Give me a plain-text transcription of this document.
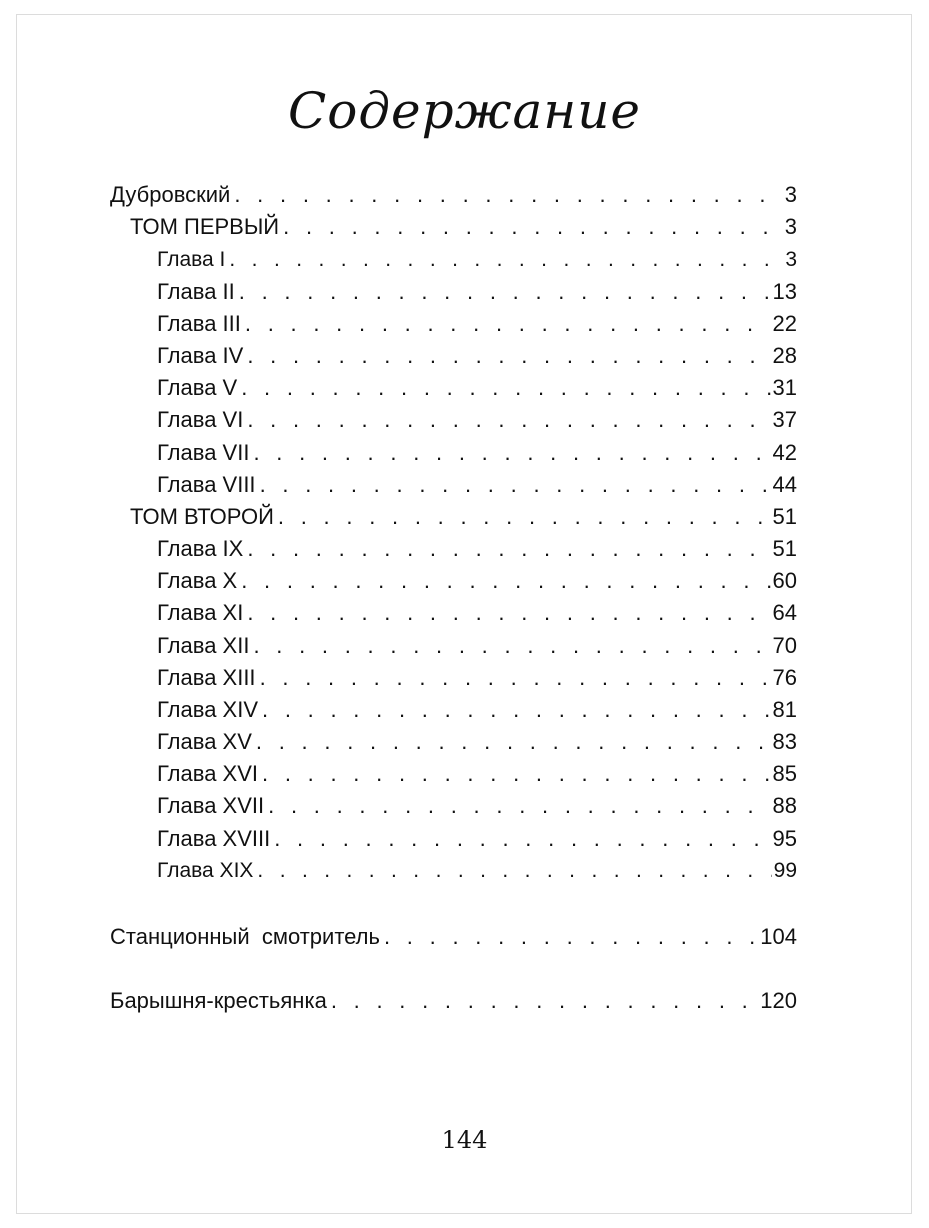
Содержание
Дубровский . . .	3
ТОМ ПЕРВЫЙ . . .	3
Глава I . . .	3
Глава II . . .	13
Глава III . . .	22
Глава IV . . .	28
Глава V . . .	31
Глава VI . . .	37
Глава VII . . .	42
Глава VIII . . .	44
ТОМ ВТОРОЙ . . .	51
Глава IX . . .	51
Глава X . . .	60
Глава XI . . .	64
Глава XII . . .	70
Глава XIII . . .	76
Глава XIV . . .	81
Глава XV . . .	83
Глава XVI . . .	85
Глава XVII . . .	88
Глава XVIII . . .	95
Глава XIX . . .	99
Станционный  смотритель . . .	104
Барышня-крестьянка . . .	120
144
